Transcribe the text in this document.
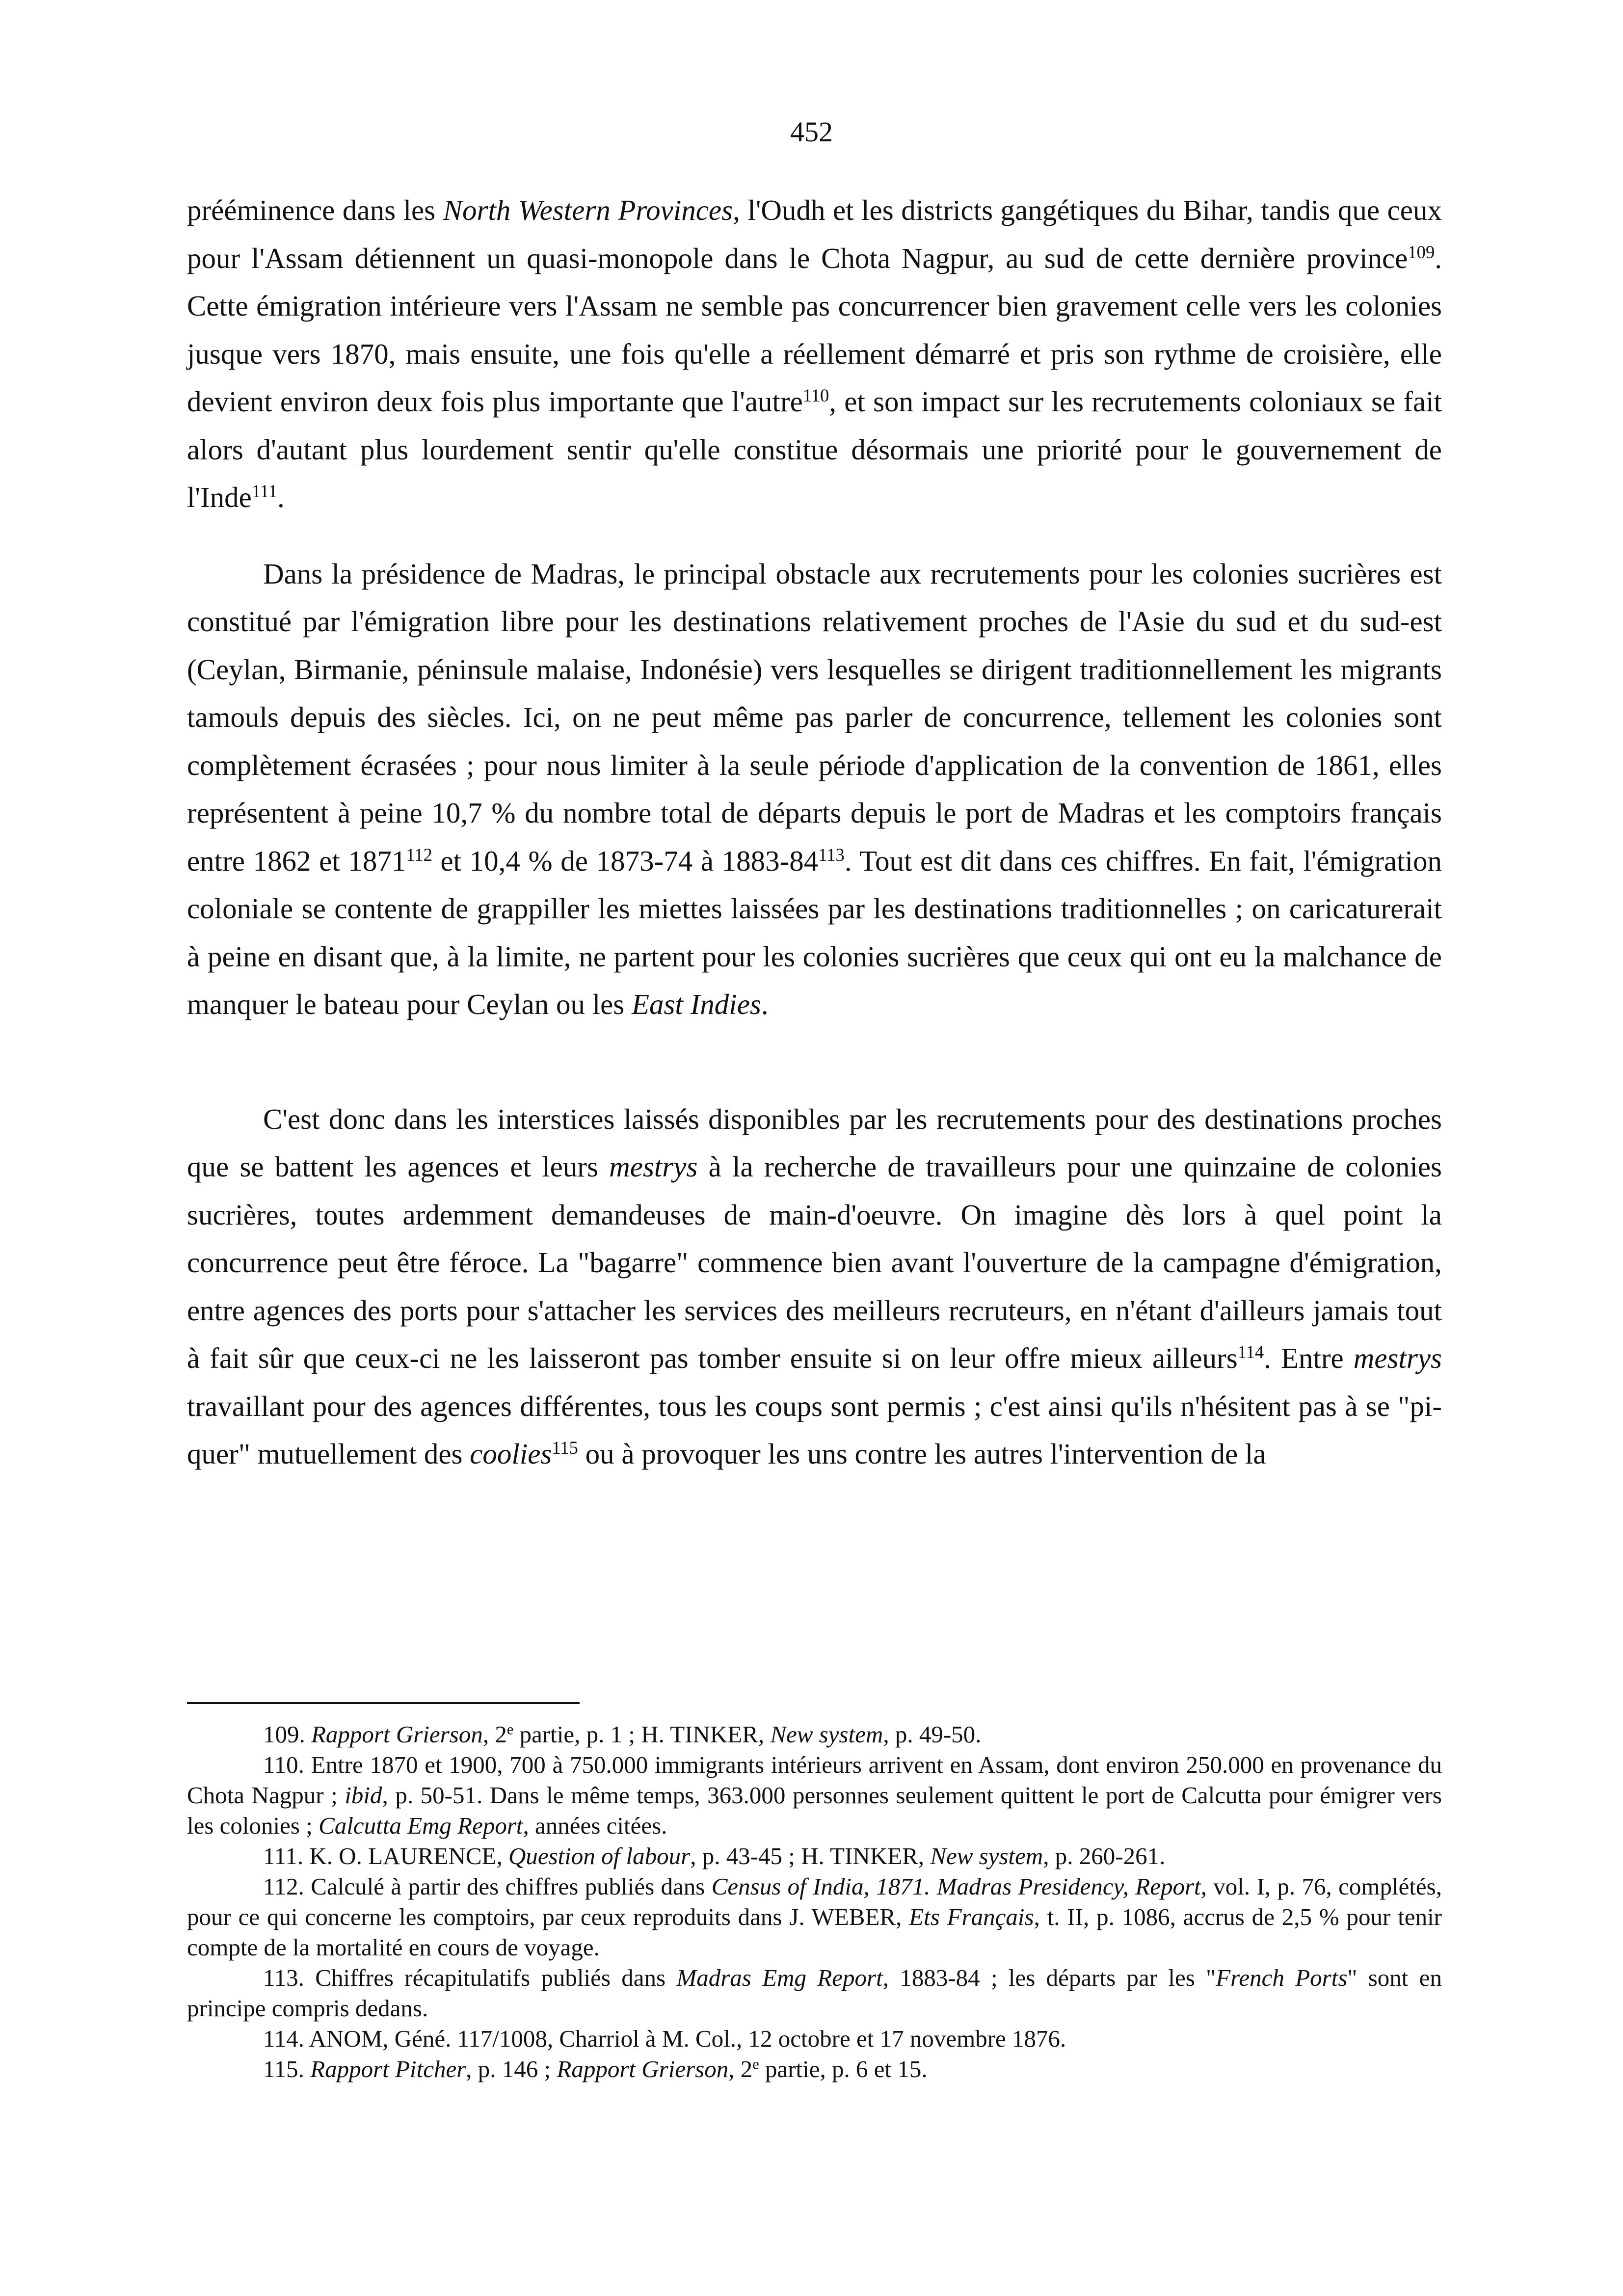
452

prééminence dans les North Western Provinces, l'Oudh et les districts gangétiques du Bihar, tandis que ceux pour l'Assam détiennent un quasi-monopole dans le Chota Nagpur, au sud de cette dernière province$^{109}$. Cette émigration intérieure vers l'Assam ne semble pas concurrencer bien gravement celle vers les colonies jusque vers 1870, mais ensuite, une fois qu'elle a réellement démarré et pris son rythme de croisière, elle devient environ deux fois plus importante que l'autre$^{110}$, et son impact sur les recrutements coloniaux se fait alors d'autant plus lourdement sentir qu'elle constitue désormais une priorité pour le gouvernement de l'Inde$^{111}$.

Dans la présidence de Madras, le principal obstacle aux recrutements pour les colonies sucrières est constitué par l'émigration libre pour les destinations relativement proches de l'Asie du sud et du sud-est (Ceylan, Birmanie, péninsule malaise, Indonésie) vers lesquelles se dirigent traditionnellement les migrants tamouls depuis des siècles. Ici, on ne peut même pas parler de concurrence, tellement les colonies sont complètement écrasées ; pour nous limiter à la seule période d'application de la convention de 1861, elles représentent à peine 10,7 % du nombre total de départs depuis le port de Madras et les comptoirs français entre 1862 et 1871$^{112}$ et 10,4 % de 1873-74 à $1883-84^{113}$. Tout est dit dans ces chiffres. En fait, l'émigration coloniale se contente de grappiller les miettes laissées par les destinations traditionnelles ; on caricaturerait à peine en disant que, à la limite, ne partent pour les colonies sucrières que ceux qui ont eu la malchance de manquer le bateau pour Ceylan ou les East Indies.

C'est donc dans les interstices laissés disponibles par les recrutements pour des destinations proches que se battent les agences et leurs mestrys à la recherche de travailleurs pour une quinzaine de colonies sucrières, toutes ardemment demandeuses de main-d'oeuvre. On imagine dès lors à quel point la concurrence peut être féroce. La "bagarre" commence bien avant l'ouverture de la campagne d'émigration, entre agences des ports pour s'attacher les services des meilleurs recruteurs, en n'étant d'ailleurs jamais tout à fait sûr que ceux-ci ne les laisseront pas tomber ensuite si on leur offre mieux ailleurs$^{114}$. Entre mestrys travaillant pour des agences différentes, tous les coups sont permis ; c'est ainsi qu'ils n'hésitent pas à se "piquer" mutuellement des coolies$^{115}$ ou à provoquer les uns contre les autres l'intervention de la

109. Rapport Grierson, 2e partie, p. 1 ; H. TINKER, New system, p. 49-50.

110. Entre 1870 et 1900, 700 à 750.000 immigrants intérieurs arrivent en Assam, dont environ 250.000 en provenance du Chota Nagpur ; ibid, p. 50-51. Dans le même temps, 363.000 personnes seulement quittent le port de Calcutta pour émigrer vers les colonies ; Calcutta Emg Report, années citées.

111. K. O. LAURENCE, Question of labour, p. 43-45 ; H. TINKER, New system, p. 260-261.

112. Calculé à partir des chiffres publiés dans Census of India, 1871. Madras Presidency, Report, vol. I, p. 76, complétés, pour ce qui concerne les comptoirs, par ceux reproduits dans J. WEBER, Ets Français, t. II, p. 1086, accrus de 2,5 % pour tenir compte de la mortalité en cours de voyage.

113. Chiffres récapitulatifs publiés dans Madras Emg Report, 1883-84 ; les départs par les "French Ports" sont en principe compris dedans.

114. ANOM, Géné. 117/1008, Charriol à M. Col., 12 octobre et 17 novembre 1876.

115. Rapport Pitcher, p. 146 ; Rapport Grierson, 2e partie, p. 6 et 15.
